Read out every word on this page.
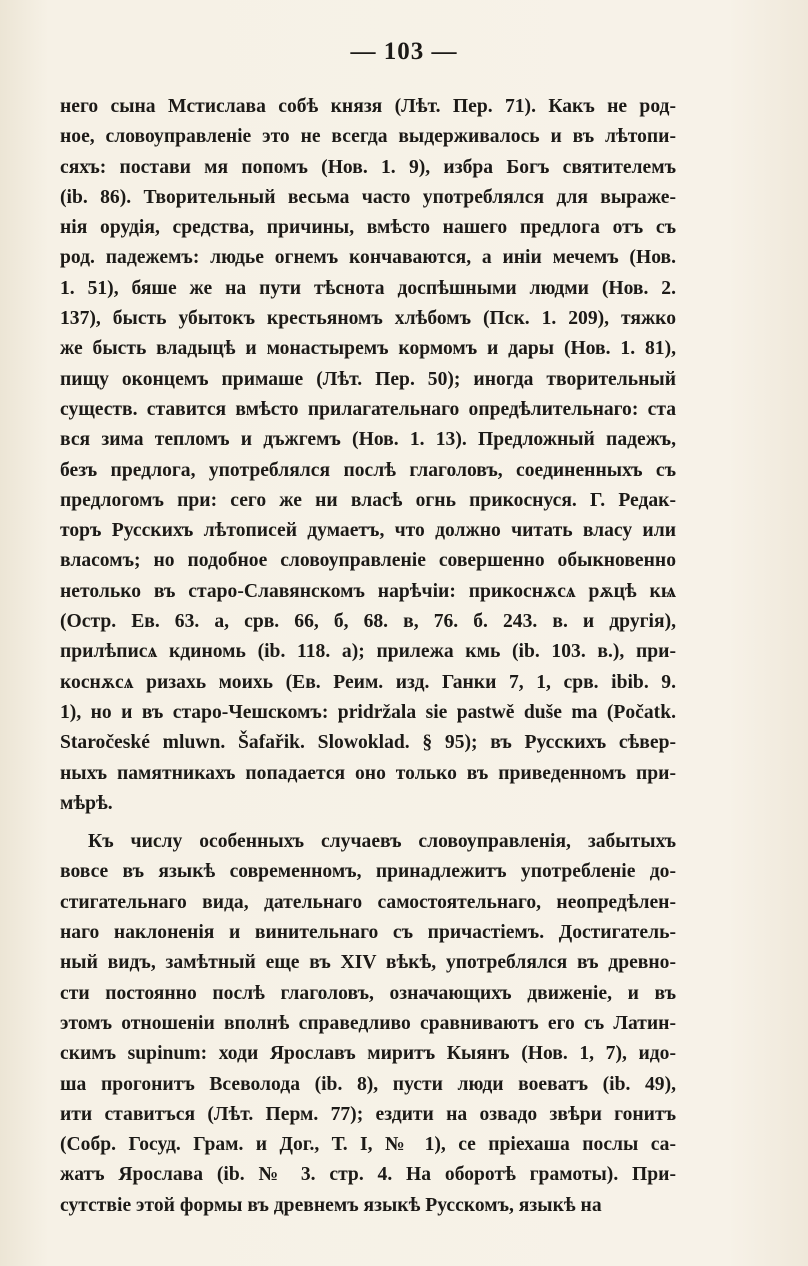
— 103 —
него сына Мстислава собѣ князя (Лѣт. Пер. 71). Какъ не род-
ное, словоуправленіе это не всегда выдерживалось и въ лѣтопи-
сяхъ: постави мя попомъ (Нов. 1. 9), избра Богъ святителемъ
(ib. 86). Творительный весьма часто употреблялся для выраже-
нія орудія, средства, причины, вмѣсто нашего предлога отъ съ
род. падежемъ: людье огнемъ кончаваются, а иніи мечемъ (Нов.
1. 51), бяше же на пути тѣснота доспѣшными людми (Нов. 2.
137), бысть убытокъ крестьяномъ хлѣбомъ (Пск. 1. 209), тяжко
же бысть владыцѣ и монастыремъ кормомъ и дары (Нов. 1. 81),
пищу оконцемъ примаше (Лѣт. Пер. 50); иногда творительный
существ. ставится вмѣсто прилагательнаго опредѣлительнаго: ста
вся зима тепломъ и дъжгемъ (Нов. 1. 13). Предложный падежъ,
безъ предлога, употреблялся послѣ глаголовъ, соединенныхъ съ
предлогомъ при: сего же ни власѣ огнь прикоснуся. Г. Редак-
торъ Русскихъ лѣтописей думаетъ, что должно читать власу или
власомъ; но подобное словоуправленіе совершенно обыкновенно
нетолько въ старо-Славянскомъ нарѣчіи: прикоснѫсѧ рѫцѣ кѩ
(Остр. Ев. 63. а, срв. 66, б, 68. в, 76. б. 243. в. и другія),
прилѣписѧ кдиномь (ib. 118. а); прилежа кмь (ib. 103. в.), при-
коснѫсѧ ризахь моихь (Ев. Реим. изд. Ганки 7, 1, срв. ibib. 9.
1), но и въ старо-Чешскомъ: pridržala sie pastwě duše ma (Počatk.
Staročeské mluwn. Šafařik. Slowoklad. § 95); въ Русскихъ сѣвер-
ныхъ памятникахъ попадается оно только въ приведенномъ при-
мѣрѣ.
Къ числу особенныхъ случаевъ словоуправленія, забытыхъ
вовсе въ языкѣ современномъ, принадлежитъ употребленіе до-
стигательнаго вида, дательнаго самостоятельнаго, неопредѣлен-
наго наклоненія и винительнаго съ причастіемъ. Достигатель-
ный видъ, замѣтный еще въ XIV вѣкѣ, употреблялся въ древно-
сти постоянно послѣ глаголовъ, означающихъ движеніе, и въ
этомъ отношеніи вполнѣ справедливо сравниваютъ его съ Латин-
скимъ supinum: ходи Ярославъ миритъ Кыянъ (Нов. 1, 7), идо-
ша прогонитъ Всеволода (ib. 8), пусти люди воеватъ (ib. 49),
ити ставитъся (Лѣт. Перм. 77); ездити на озвадо звѣри гонитъ
(Собр. Госуд. Грам. и Дог., Т. I, № 1), се пріехаша послы са-
жатъ Ярослава (ib. № 3. стр. 4. На оборотѣ грамоты). При-
сутствіе этой формы въ древнемъ языкѣ Русскомъ, языкѣ на
